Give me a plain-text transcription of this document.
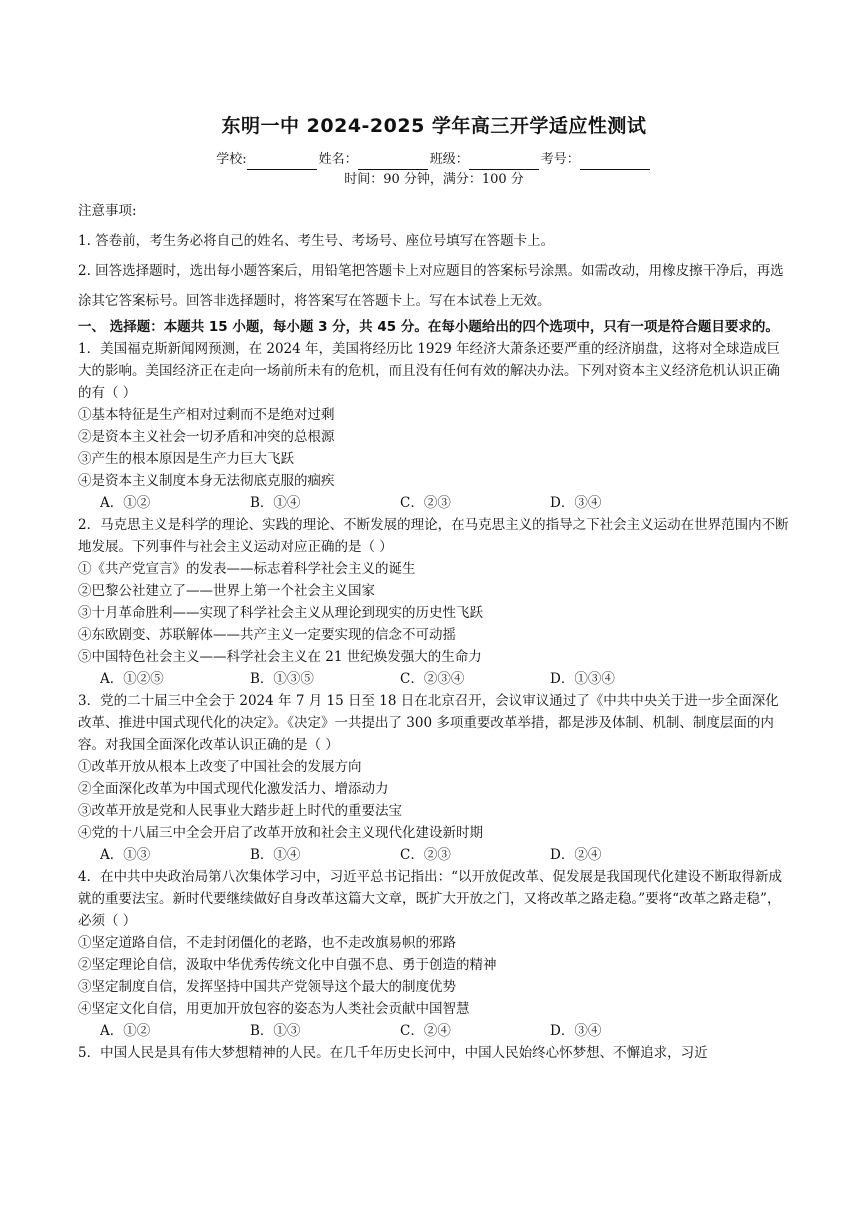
东明一中 2024-2025 学年高三开学适应性测试
学校:	姓名：	班级：	考号：
时间：90 分钟，满分：100 分

注意事项:

1. 答卷前，考生务必将自己的姓名、考生号、考场号、座位号填写在答题卡上。

2. 回答选择题时，选出每小题答案后，用铅笔把答题卡上对应题目的答案标号涂黑。如需改动，用橡皮擦干净后，再选涂其它答案标号。回答非选择题时，将答案写在答题卡上。写在本试卷上无效。

一、 选择题：本题共 15 小题，每小题 3 分，共 45 分。在每小题给出的四个选项中，只有一项是符合题目要求的。

1．美国福克斯新闻网预测，在 2024 年，美国将经历比 1929 年经济大萧条还要严重的经济崩盘，这将对全球造成巨大的影响。美国经济正在走向一场前所未有的危机，而且没有任何有效的解决办法。下列对资本主义经济危机认识正确的有（ ）

①基本特征是生产相对过剩而不是绝对过剩

②是资本主义社会一切矛盾和冲突的总根源

③产生的根本原因是生产力巨大飞跃

④是资本主义制度本身无法彻底克服的痼疾

A．①②	B．①④	C．②③	D．③④

2．马克思主义是科学的理论、实践的理论、不断发展的理论，在马克思主义的指导之下社会主义运动在世界范围内不断地发展。下列事件与社会主义运动对应正确的是（ ）

①《共产党宣言》的发表——标志着科学社会主义的诞生

②巴黎公社建立了——世界上第一个社会主义国家

③十月革命胜利——实现了科学社会主义从理论到现实的历史性飞跃

④东欧剧变、苏联解体——共产主义一定要实现的信念不可动摇

⑤中国特色社会主义——科学社会主义在 21 世纪焕发强大的生命力

A．①②⑤	B．①③⑤	C．②③④	D．①③④

3．党的二十届三中全会于 2024 年 7 月 15 日至 18 日在北京召开，会议审议通过了《中共中央关于进一步全面深化改革、推进中国式现代化的决定》。《决定》一共提出了 300 多项重要改革举措，都是涉及体制、机制、制度层面的内容。对我国全面深化改革认识正确的是（ ）

①改革开放从根本上改变了中国社会的发展方向

②全面深化改革为中国式现代化激发活力、增添动力

③改革开放是党和人民事业大踏步赶上时代的重要法宝

④党的十八届三中全会开启了改革开放和社会主义现代化建设新时期

A．①③	B．①④	C．②③	D．②④

4．在中共中央政治局第八次集体学习中，习近平总书记指出：“以开放促改革、促发展是我国现代化建设不断取得新成就的重要法宝。新时代要继续做好自身改革这篇大文章，既扩大开放之门，又将改革之路走稳。”要将“改革之路走稳”，必须（ ）

①坚定道路自信，不走封闭僵化的老路，也不走改旗易帜的邪路

②坚定理论自信，汲取中华优秀传统文化中自强不息、勇于创造的精神

③坚定制度自信，发挥坚持中国共产党领导这个最大的制度优势

④坚定文化自信，用更加开放包容的姿态为人类社会贡献中国智慧

A．①②	B．①③	C．②④	D．③④

5．中国人民是具有伟大梦想精神的人民。在几千年历史长河中，中国人民始终心怀梦想、不懈追求，习近
